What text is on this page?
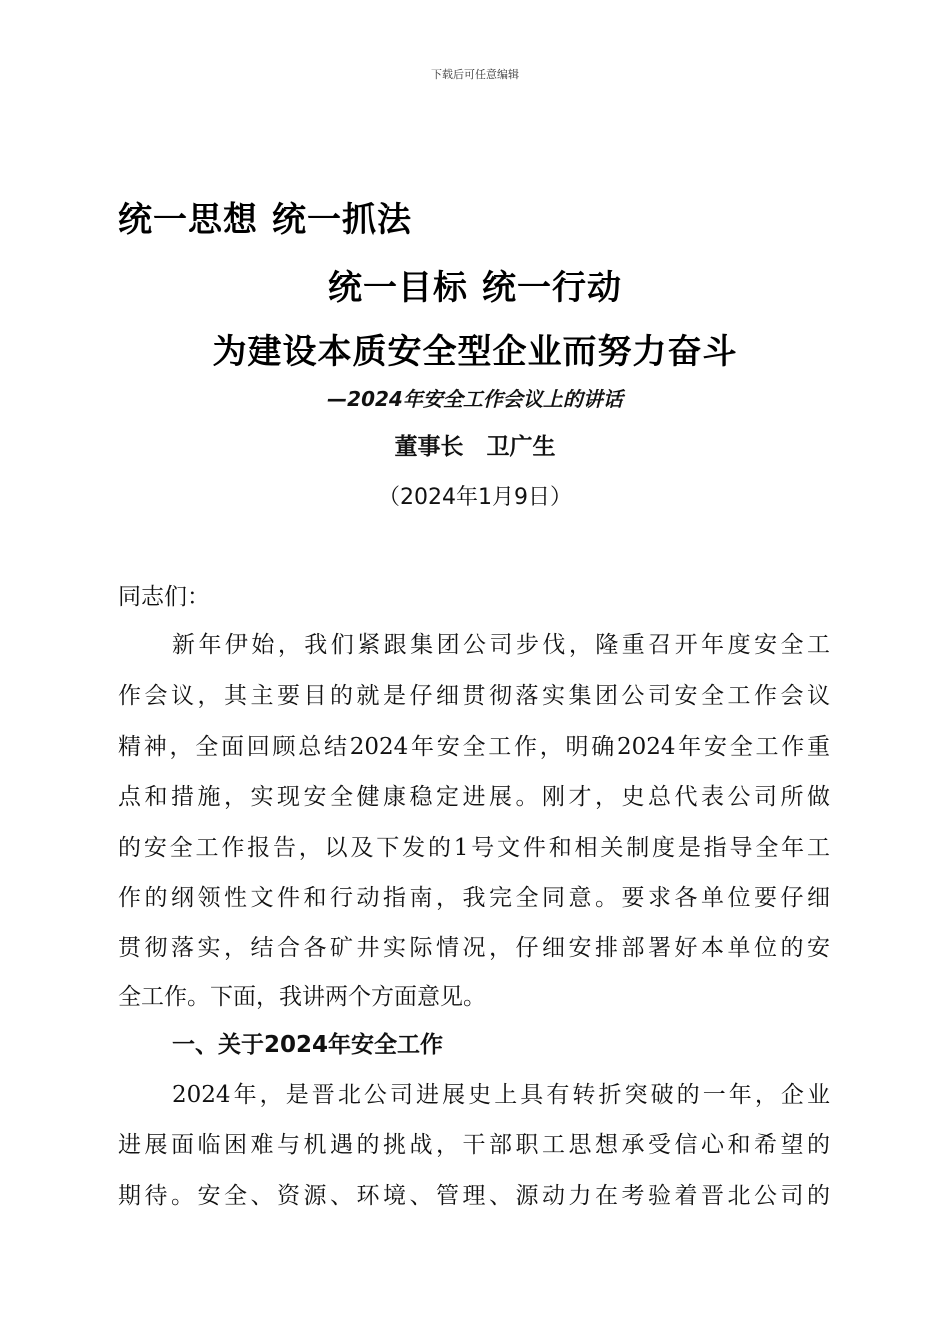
下载后可任意编辑
统一思想 统一抓法
统一目标 统一行动
为建设本质安全型企业而努力奋斗
—2024年安全工作会议上的讲话
董事长　卫广生
（2024年1月9日）
同志们：
新年伊始，我们紧跟集团公司步伐，隆重召开年度安全工
作会议，其主要目的就是仔细贯彻落实集团公司安全工作会议
精神，全面回顾总结2024年安全工作，明确2024年安全工作重
点和措施，实现安全健康稳定进展。刚才，史总代表公司所做
的安全工作报告，以及下发的1号文件和相关制度是指导全年工
作的纲领性文件和行动指南，我完全同意。要求各单位要仔细
贯彻落实，结合各矿井实际情况，仔细安排部署好本单位的安
全工作。下面，我讲两个方面意见。
一、关于2024年安全工作
2024年，是晋北公司进展史上具有转折突破的一年，企业
进展面临困难与机遇的挑战，干部职工思想承受信心和希望的
期待。安全、资源、环境、管理、源动力在考验着晋北公司的
